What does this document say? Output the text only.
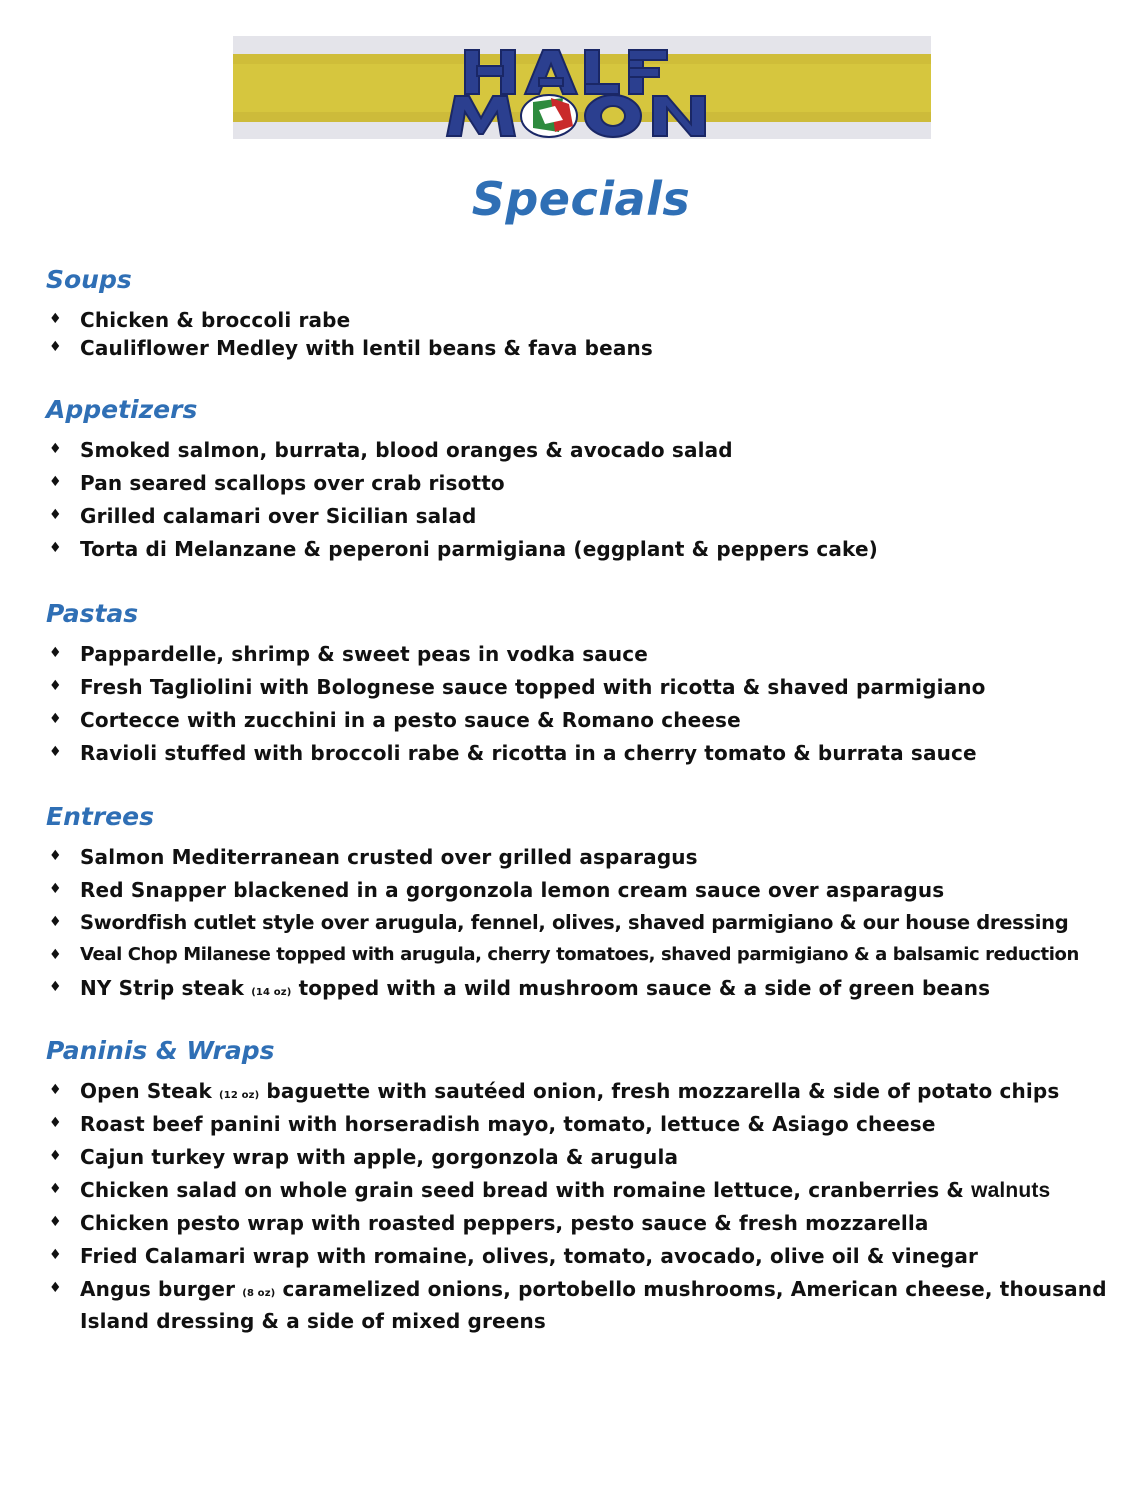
Specials
Soups
♦ Chicken & broccoli rabe
♦ Cauliflower Medley with lentil beans & fava beans
Appetizers
♦ Smoked salmon, burrata, blood oranges & avocado salad
♦ Pan seared scallops over crab risotto
♦ Grilled calamari over Sicilian salad
♦ Torta di Melanzane & peperoni parmigiana (eggplant & peppers cake)
Pastas
♦ Pappardelle, shrimp & sweet peas in vodka sauce
♦ Fresh Tagliolini with Bolognese sauce topped with ricotta & shaved parmigiano
♦ Cortecce with zucchini in a pesto sauce & Romano cheese
♦ Ravioli stuffed with broccoli rabe & ricotta in a cherry tomato & burrata sauce
Entrees
♦ Salmon Mediterranean crusted over grilled asparagus
♦ Red Snapper blackened in a gorgonzola lemon cream sauce over asparagus
♦ Swordfish cutlet style over arugula, fennel, olives, shaved parmigiano & our house dressing
♦ Veal Chop Milanese topped with arugula, cherry tomatoes, shaved parmigiano & a balsamic reduction
♦ NY Strip steak (14 oz) topped with a wild mushroom sauce & a side of green beans
Paninis & Wraps
♦ Open Steak (12 oz) baguette with sautéed onion, fresh mozzarella & side of potato chips
♦ Roast beef panini with horseradish mayo, tomato, lettuce & Asiago cheese
♦ Cajun turkey wrap with apple, gorgonzola & arugula
♦ Chicken salad on whole grain seed bread with romaine lettuce, cranberries & walnuts
♦ Chicken pesto wrap with roasted peppers, pesto sauce & fresh mozzarella
♦ Fried Calamari wrap with romaine, olives, tomato, avocado, olive oil & vinegar
♦ Angus burger (8 oz) caramelized onions, portobello mushrooms, American cheese, thousand
Island dressing & a side of mixed greens
